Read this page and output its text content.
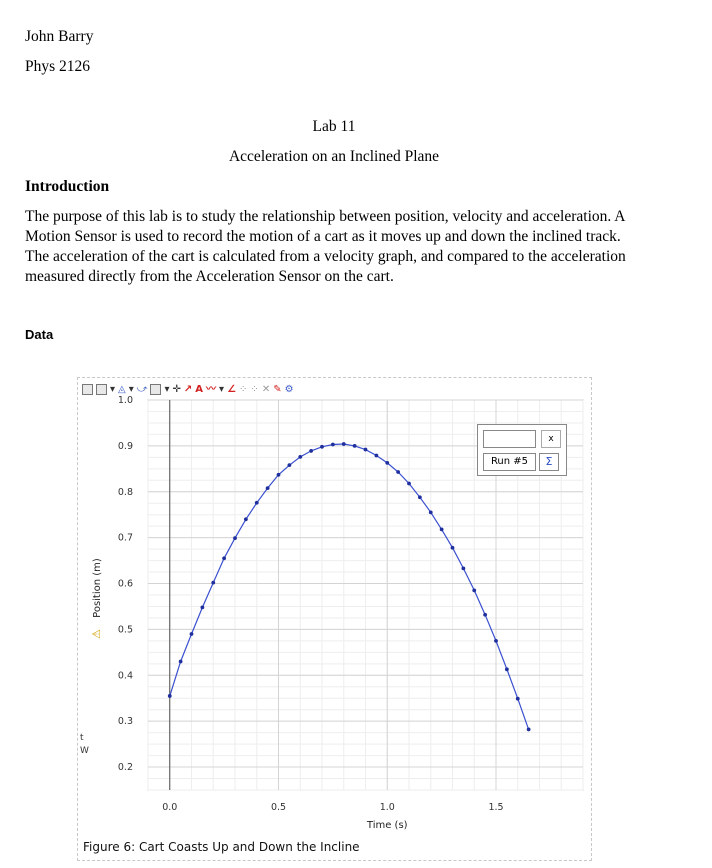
John Barry
Phys 2126
Lab 11
Acceleration on an Inclined Plane
Introduction
The purpose of this lab is to study the relationship between position, velocity and acceleration. A
Motion Sensor is used to record the motion of a cart as it moves up and down the inclined track.
The acceleration of the cart is calculated from a velocity graph, and compared to the acceleration
measured directly from the Acceleration Sensor on the cart.
Data
▾ ◬ ▾ ⤻ ▾ ✛ ↗ A 〰 ▾ ∠ ⁘ ⁘ ✕ ✎ ⚙
1.0
0.9
0.8
0.7
0.6
0.5
0.4
0.3
0.2
0.0	0.5	1.0	1.5
Time (s)
Position (m)
⚠
x
Run #5	Σ
t
W
Figure 6: Cart Coasts Up and Down the Incline
